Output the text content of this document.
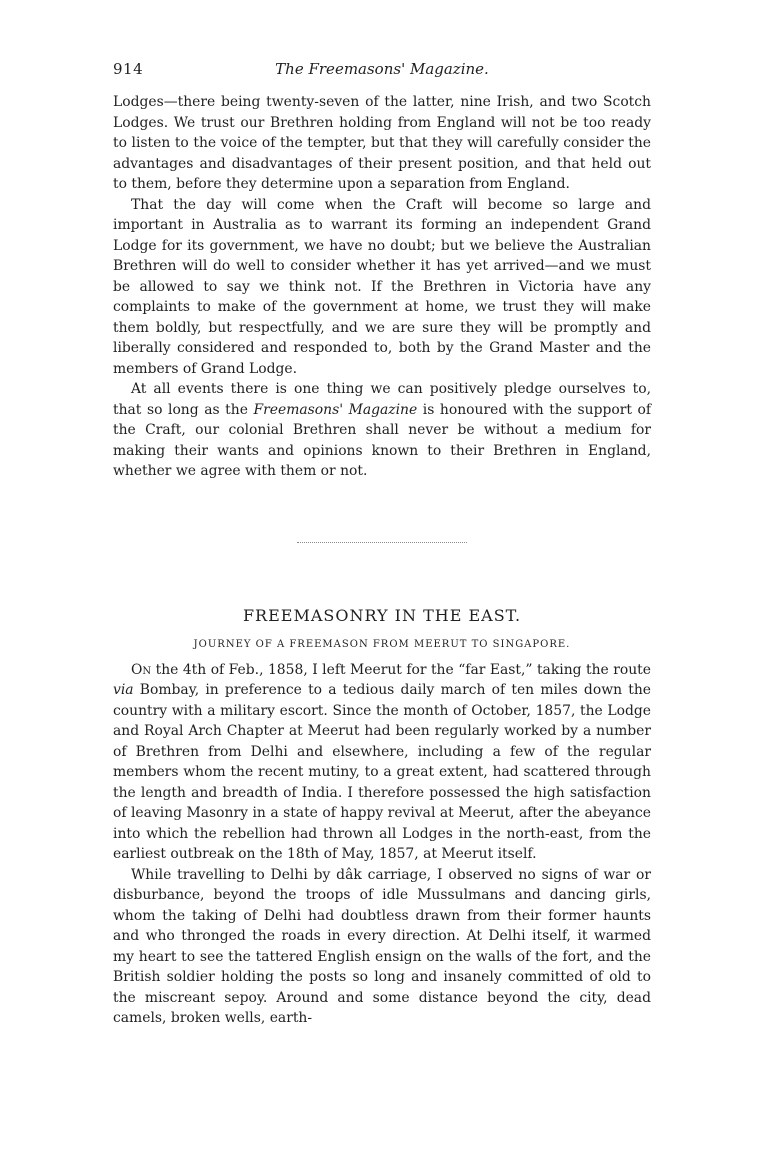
914	The Freemasons' Magazine.

Lodges—there being twenty-seven of the latter, nine Irish, and two Scotch Lodges. We trust our Brethren holding from England will not be too ready to listen to the voice of the tempter, but that they will carefully consider the advantages and disadvantages of their present position, and that held out to them, before they determine upon a separation from England.

That the day will come when the Craft will become so large and important in Australia as to warrant its forming an independent Grand Lodge for its government, we have no doubt; but we believe the Australian Brethren will do well to consider whether it has yet arrived—and we must be allowed to say we think not. If the Brethren in Victoria have any complaints to make of the government at home, we trust they will make them boldly, but respectfully, and we are sure they will be promptly and liberally considered and responded to, both by the Grand Master and the members of Grand Lodge.

At all events there is one thing we can positively pledge ourselves to, that so long as the Freemasons' Magazine is honoured with the support of the Craft, our colonial Brethren shall never be without a medium for making their wants and opinions known to their Brethren in England, whether we agree with them or not.

FREEMASONRY IN THE EAST.
JOURNEY OF A FREEMASON FROM MEERUT TO SINGAPORE.

On the 4th of Feb., 1858, I left Meerut for the “far East,” taking the route via Bombay, in preference to a tedious daily march of ten miles down the country with a military escort. Since the month of October, 1857, the Lodge and Royal Arch Chapter at Meerut had been regularly worked by a number of Brethren from Delhi and elsewhere, including a few of the regular members whom the recent mutiny, to a great extent, had scattered through the length and breadth of India. I therefore possessed the high satisfaction of leaving Masonry in a state of happy revival at Meerut, after the abeyance into which the rebellion had thrown all Lodges in the north-east, from the earliest outbreak on the 18th of May, 1857, at Meerut itself.

While travelling to Delhi by dâk carriage, I observed no signs of war or disburbance, beyond the troops of idle Mussulmans and dancing girls, whom the taking of Delhi had doubtless drawn from their former haunts and who thronged the roads in every direction. At Delhi itself, it warmed my heart to see the tattered English ensign on the walls of the fort, and the British soldier holding the posts so long and insanely committed of old to the miscreant sepoy. Around and some distance beyond the city, dead camels, broken wells, earth-
